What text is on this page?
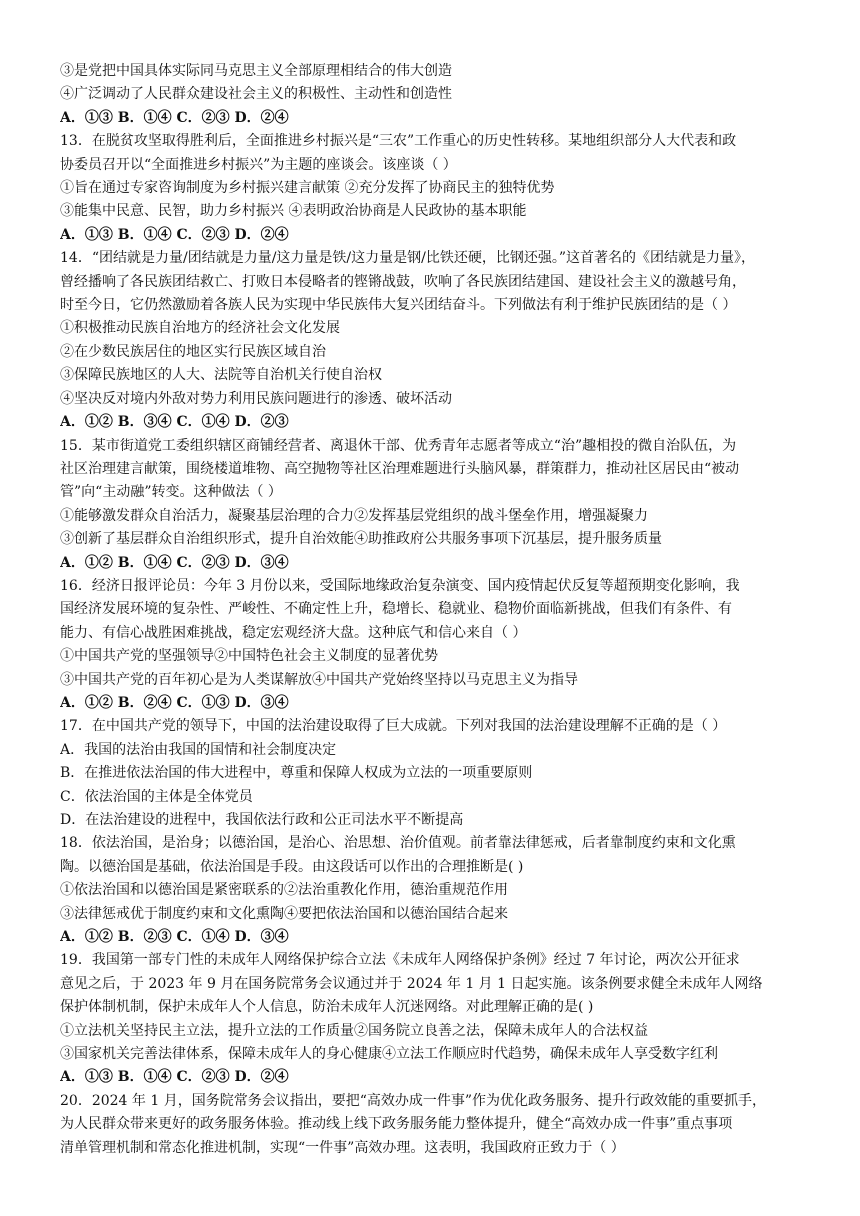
③是党把中国具体实际同马克思主义全部原理相结合的伟大创造
④广泛调动了人民群众建设社会主义的积极性、主动性和创造性
A．①③ B．①④ C．②③ D．②④
13．在脱贫攻坚取得胜利后，全面推进乡村振兴是“三农”工作重心的历史性转移。某地组织部分人大代表和政
协委员召开以“全面推进乡村振兴”为主题的座谈会。该座谈（ ）
①旨在通过专家咨询制度为乡村振兴建言献策 ②充分发挥了协商民主的独特优势
③能集中民意、民智，助力乡村振兴 ④表明政治协商是人民政协的基本职能
A．①③ B．①④ C．②③ D．②④
14．“团结就是力量/团结就是力量/这力量是铁/这力量是钢/比铁还硬，比钢还强。”这首著名的《团结就是力量》，
曾经播响了各民族团结救亡、打败日本侵略者的铿锵战鼓，吹响了各民族团结建国、建设社会主义的激越号角，
时至今日，它仍然激励着各族人民为实现中华民族伟大复兴团结奋斗。下列做法有利于维护民族团结的是（ ）
①积极推动民族自治地方的经济社会文化发展
②在少数民族居住的地区实行民族区域自治
③保障民族地区的人大、法院等自治机关行使自治权
④坚决反对境内外敌对势力利用民族问题进行的渗透、破坏活动
A．①② B．③④ C．①④ D．②③
15．某市街道党工委组织辖区商铺经营者、离退休干部、优秀青年志愿者等成立“治”趣相投的微自治队伍，为
社区治理建言献策，围绕楼道堆物、高空抛物等社区治理难题进行头脑风暴，群策群力，推动社区居民由“被动
管”向“主动融”转变。这种做法（ ）
①能够激发群众自治活力，凝聚基层治理的合力②发挥基层党组织的战斗堡垒作用，增强凝聚力
③创新了基层群众自治组织形式，提升自治效能④助推政府公共服务事项下沉基层，提升服务质量
A．①② B．①④ C．②③ D．③④
16．经济日报评论员：今年 3 月份以来，受国际地缘政治复杂演变、国内疫情起伏反复等超预期变化影响，我
国经济发展环境的复杂性、严峻性、不确定性上升，稳增长、稳就业、稳物价面临新挑战，但我们有条件、有
能力、有信心战胜困难挑战，稳定宏观经济大盘。这种底气和信心来自（ ）
①中国共产党的坚强领导②中国特色社会主义制度的显著优势
③中国共产党的百年初心是为人类谋解放④中国共产党始终坚持以马克思主义为指导
A．①② B．②④ C．①③ D．③④
17．在中国共产党的领导下，中国的法治建设取得了巨大成就。下列对我国的法治建设理解不正确的是（ ）
A．我国的法治由我国的国情和社会制度决定
B．在推进依法治国的伟大进程中，尊重和保障人权成为立法的一项重要原则
C．依法治国的主体是全体党员
D．在法治建设的进程中，我国依法行政和公正司法水平不断提高
18．依法治国，是治身；以德治国，是治心、治思想、治价值观。前者靠法律惩戒，后者靠制度约束和文化熏
陶。以德治国是基础，依法治国是手段。由这段话可以作出的合理推断是( )
①依法治国和以德治国是紧密联系的②法治重教化作用，德治重规范作用
③法律惩戒优于制度约束和文化熏陶④要把依法治国和以德治国结合起来
A．①② B．②③ C．①④ D．③④
19．我国第一部专门性的未成年人网络保护综合立法《未成年人网络保护条例》经过 7 年讨论，两次公开征求
意见之后，于 2023 年 9 月在国务院常务会议通过并于 2024 年 1 月 1 日起实施。该条例要求健全未成年人网络
保护体制机制，保护未成年人个人信息，防治未成年人沉迷网络。对此理解正确的是( )
①立法机关坚持民主立法，提升立法的工作质量②国务院立良善之法，保障未成年人的合法权益
③国家机关完善法律体系，保障未成年人的身心健康④立法工作顺应时代趋势，确保未成年人享受数字红利
A．①③ B．①④ C．②③ D．②④
20．2024 年 1 月，国务院常务会议指出，要把“高效办成一件事”作为优化政务服务、提升行政效能的重要抓手，
为人民群众带来更好的政务服务体验。推动线上线下政务服务能力整体提升，健全“高效办成一件事”重点事项
清单管理机制和常态化推进机制，实现“一件事”高效办理。这表明，我国政府正致力于（ ）
